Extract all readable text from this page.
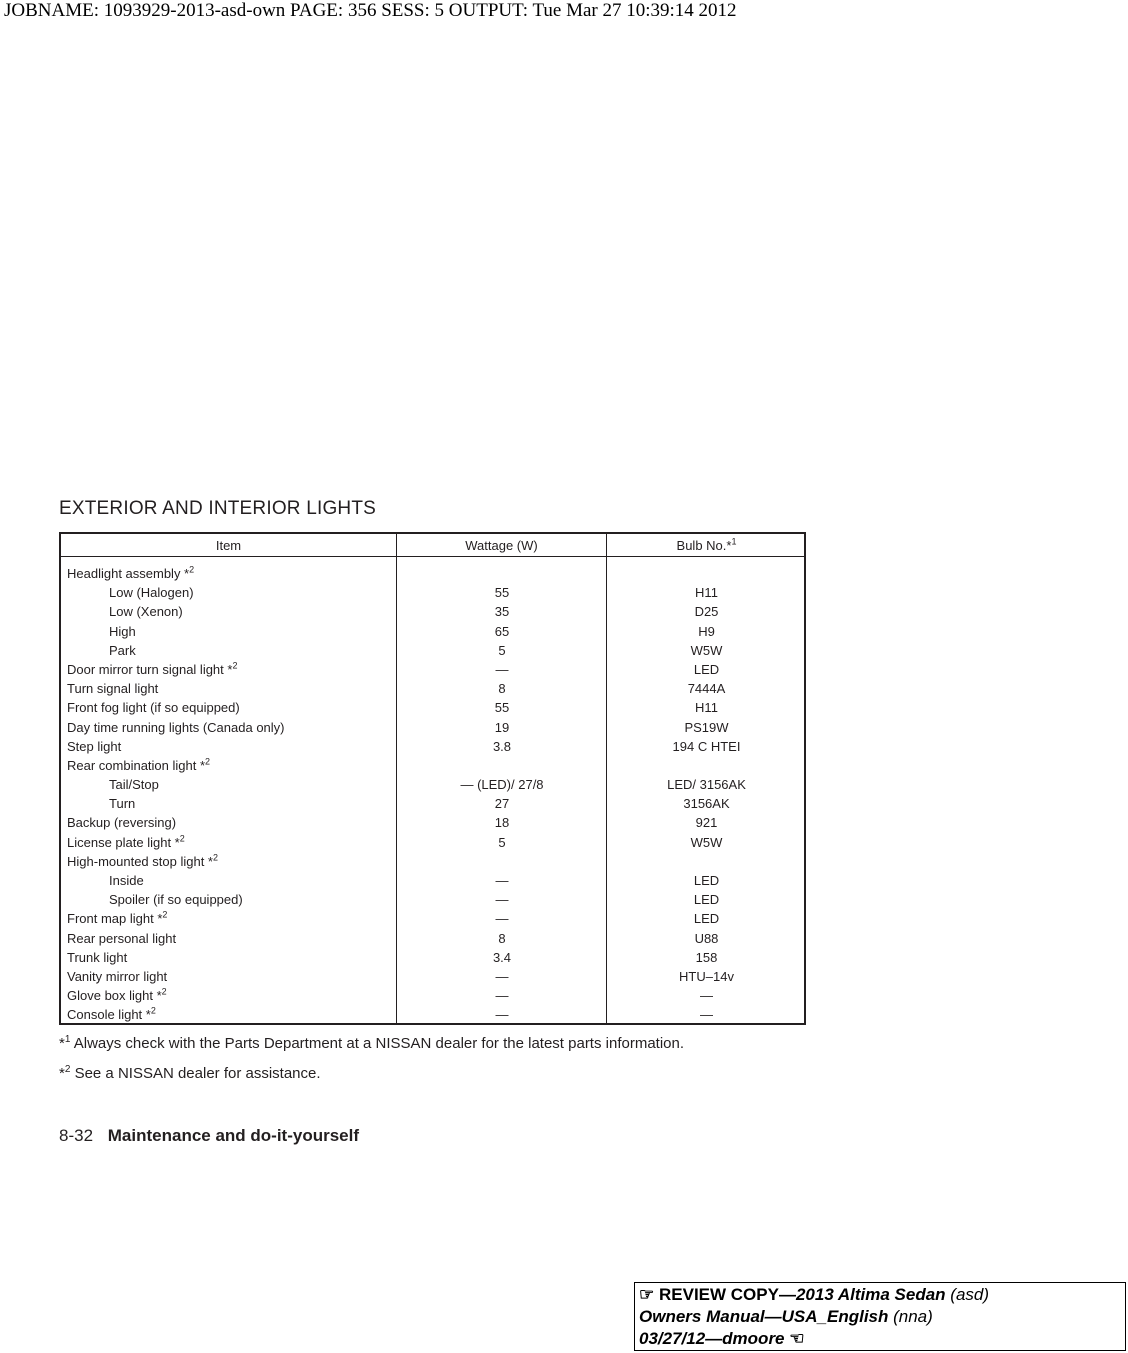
JOBNAME: 1093929-2013-asd-own PAGE: 356 SESS: 5 OUTPUT: Tue Mar 27 10:39:14 2012
EXTERIOR AND INTERIOR LIGHTS
Item	Wattage (W)	Bulb No.*$^1$
Headlight assembly *$^2$
Low (Halogen)	55	H11
Low (Xenon)	35	D25
High	65	H9
Park	5	W5W
Door mirror turn signal light *$^2$	—	LED
Turn signal light	8	7444A
Front fog light (if so equipped)	55	H11
Day time running lights (Canada only)	19	PS19W
Step light	3.8	194 C HTEI
Rear combination light *$^2$
Tail/Stop	— (LED)/ 27/8	LED/ 3156AK
Turn	27	3156AK
Backup (reversing)	18	921
License plate light *$^2$	5	W5W
High-mounted stop light *$^2$
Inside	—	LED
Spoiler (if so equipped)	—	LED
Front map light *$^2$	—	LED
Rear personal light	8	U88
Trunk light	3.4	158
Vanity mirror light	—	HTU–14v
Glove box light *$^2$	—	—
Console light *$^2$	—	—
*$^1$ Always check with the Parts Department at a NISSAN dealer for the latest parts information.
*$^2$ See a NISSAN dealer for assistance.
8-32 Maintenance and do-it-yourself
☞ REVIEW COPY—2013 Altima Sedan (asd)
Owners Manual—USA_English (nna)
03/27/12—dmoore ☜
